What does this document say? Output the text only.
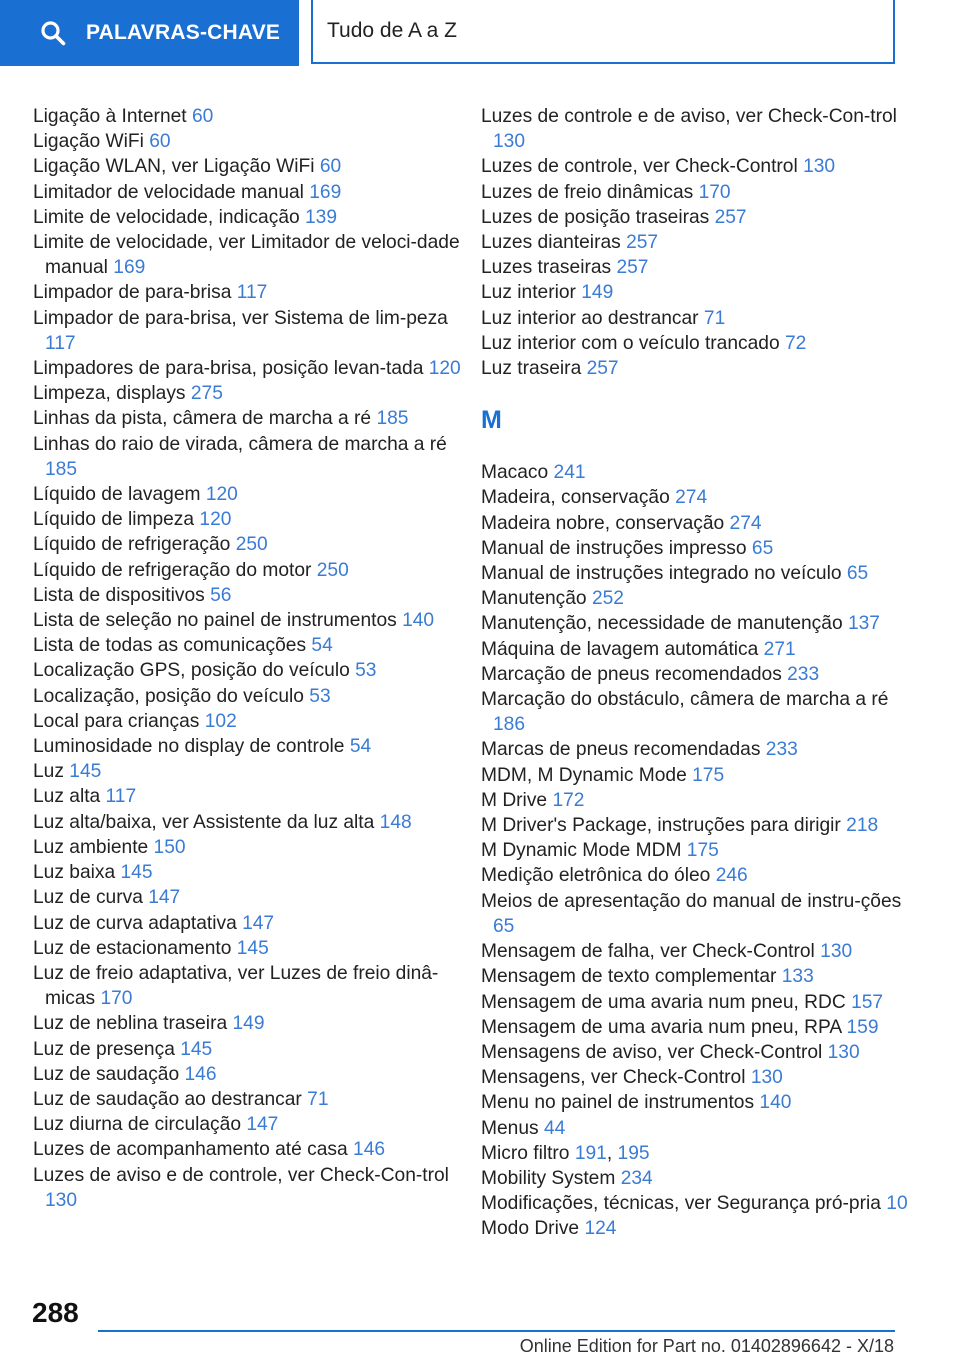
PALAVRAS-CHAVE Tudo de A a Z
Ligação à Internet 60
Ligação WiFi 60
Ligação WLAN, ver Ligação WiFi 60
Limitador de velocidade manual 169
Limite de velocidade, indicação 139
Limite de velocidade, ver Limitador de veloci‐dade manual 169
Limpador de para-brisa 117
Limpador de para-brisa, ver Sistema de lim‐peza 117
Limpadores de para-brisa, posição levan‐tada 120
Limpeza, displays 275
Linhas da pista, câmera de marcha a ré 185
Linhas do raio de virada, câmera de marcha a ré 185
Líquido de lavagem 120
Líquido de limpeza 120
Líquido de refrigeração 250
Líquido de refrigeração do motor 250
Lista de dispositivos 56
Lista de seleção no painel de instrumentos 140
Lista de todas as comunicações 54
Localização GPS, posição do veículo 53
Localização, posição do veículo 53
Local para crianças 102
Luminosidade no display de controle 54
Luz 145
Luz alta 117
Luz alta/baixa, ver Assistente da luz alta 148
Luz ambiente 150
Luz baixa 145
Luz de curva 147
Luz de curva adaptativa 147
Luz de estacionamento 145
Luz de freio adaptativa, ver Luzes de freio dinâ‐micas 170
Luz de neblina traseira 149
Luz de presença 145
Luz de saudação 146
Luz de saudação ao destrancar 71
Luz diurna de circulação 147
Luzes de acompanhamento até casa 146
Luzes de aviso e de controle, ver Check-Con‐trol 130
Luzes de controle e de aviso, ver Check-Con‐trol 130
Luzes de controle, ver Check-Control 130
Luzes de freio dinâmicas 170
Luzes de posição traseiras 257
Luzes dianteiras 257
Luzes traseiras 257
Luz interior 149
Luz interior ao destrancar 71
Luz interior com o veículo trancado 72
Luz traseira 257
M
Macaco 241
Madeira, conservação 274
Madeira nobre, conservação 274
Manual de instruções impresso 65
Manual de instruções integrado no veículo 65
Manutenção 252
Manutenção, necessidade de manutenção 137
Máquina de lavagem automática 271
Marcação de pneus recomendados 233
Marcação do obstáculo, câmera de marcha a ré 186
Marcas de pneus recomendadas 233
MDM, M Dynamic Mode 175
M Drive 172
M Driver's Package, instruções para dirigir 218
M Dynamic Mode MDM 175
Medição eletrônica do óleo 246
Meios de apresentação do manual de instru‐ções 65
Mensagem de falha, ver Check-Control 130
Mensagem de texto complementar 133
Mensagem de uma avaria num pneu, RDC 157
Mensagem de uma avaria num pneu, RPA 159
Mensagens de aviso, ver Check-Control 130
Mensagens, ver Check-Control 130
Menu no painel de instrumentos 140
Menus 44
Micro filtro 191, 195
Mobility System 234
Modificações, técnicas, ver Segurança pró‐pria 10
Modo Drive 124
288
Online Edition for Part no. 01402896642 - X/18
